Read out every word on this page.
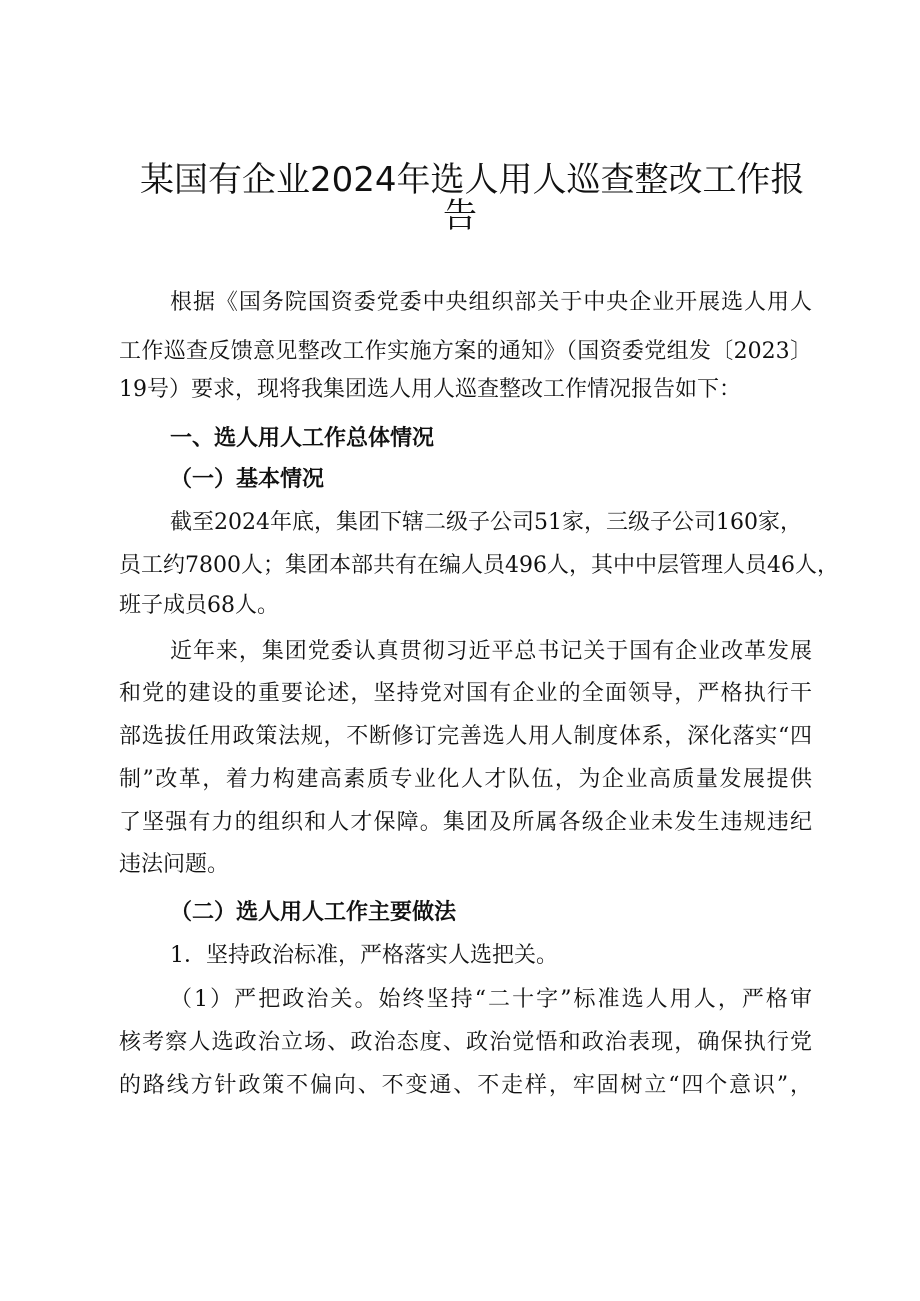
某国有企业2024年选人用人巡查整改工作报
告
根据《国务院国资委党委中央组织部关于中央企业开展选人用人
工作巡查反馈意见整改工作实施方案的通知》（国资委党组发〔2023〕
19号）要求，现将我集团选人用人巡查整改工作情况报告如下：
一、选人用人工作总体情况
（一）基本情况
截至2024年底，集团下辖二级子公司51家，三级子公司160家，
员工约7800人；集团本部共有在编人员496人，其中中层管理人员46人，
班子成员68人。
近年来，集团党委认真贯彻习近平总书记关于国有企业改革发展
和党的建设的重要论述，坚持党对国有企业的全面领导，严格执行干
部选拔任用政策法规，不断修订完善选人用人制度体系，深化落实“四
制”改革，着力构建高素质专业化人才队伍，为企业高质量发展提供
了坚强有力的组织和人才保障。集团及所属各级企业未发生违规违纪
违法问题。
（二）选人用人工作主要做法
1．坚持政治标准，严格落实人选把关。
（1）严把政治关。始终坚持“二十字”标准选人用人，严格审
核考察人选政治立场、政治态度、政治觉悟和政治表现，确保执行党
的路线方针政策不偏向、不变通、不走样，牢固树立“四个意识”，
